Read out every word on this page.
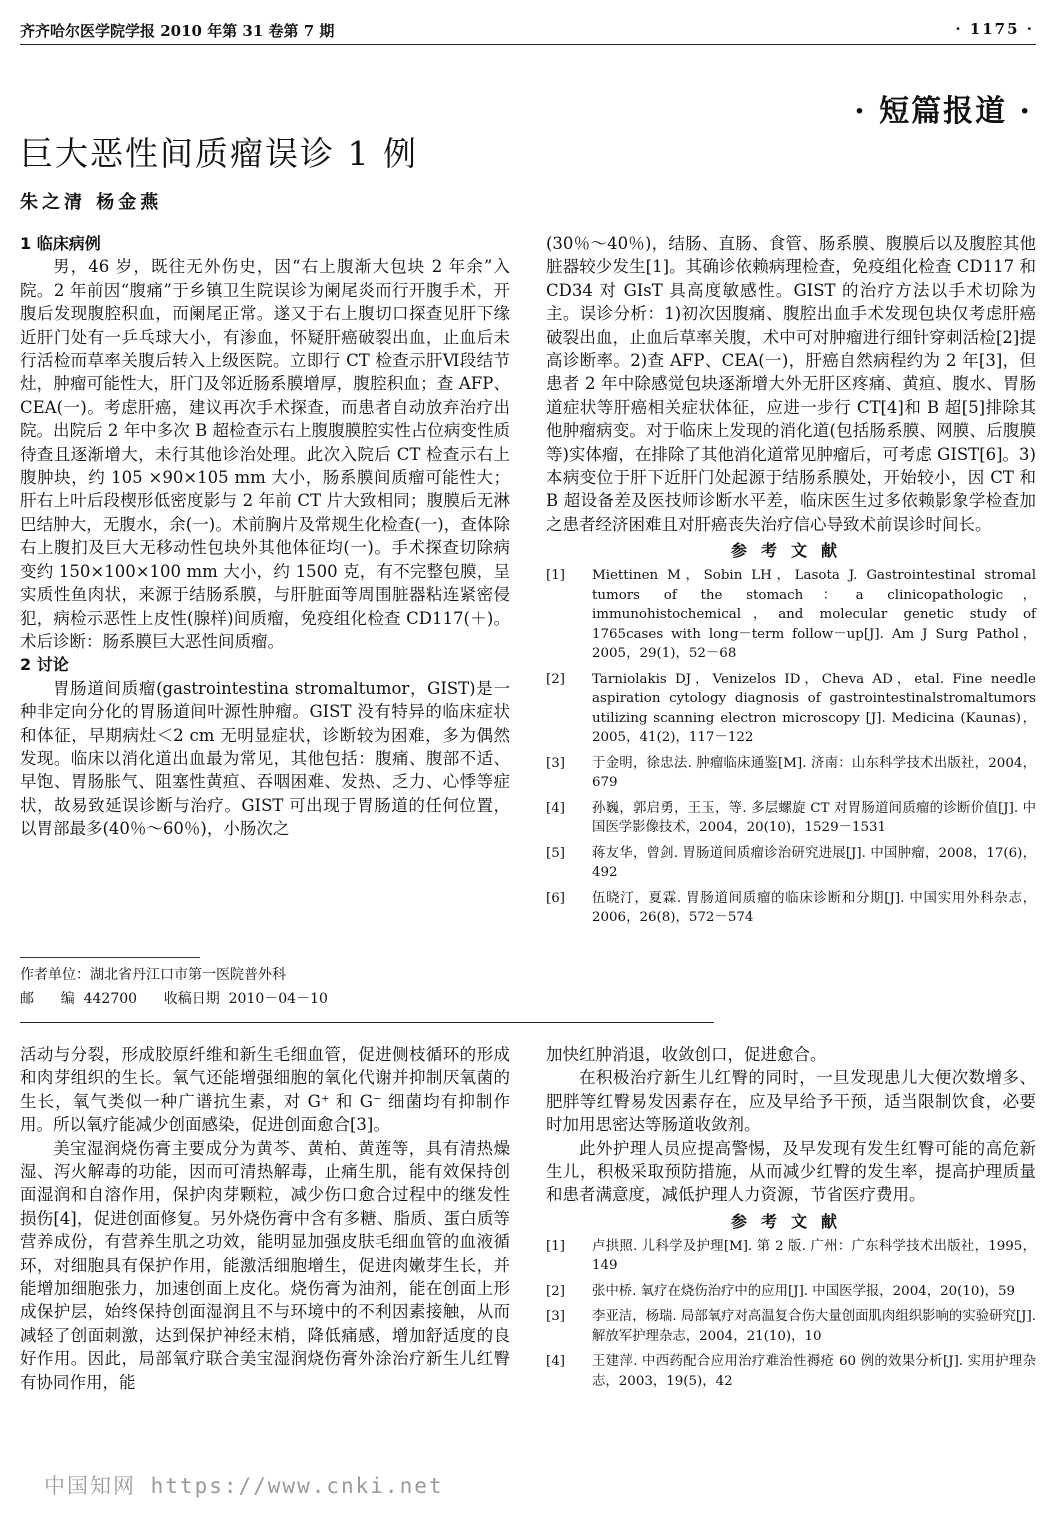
齐齐哈尔医学院学报 2010 年第 31 卷第 7 期	· 1175 ·
· 短篇报道 ·
巨大恶性间质瘤误诊 1 例
朱之清 杨金燕
1 临床病例

男，46 岁，既往无外伤史，因“右上腹渐大包块 2 年余”入院。2 年前因“腹痛”于乡镇卫生院误诊为阑尾炎而行开腹手术，开腹后发现腹腔积血，而阑尾正常。遂又于右上腹切口探查见肝下缘近肝门处有一乒乓球大小，有渗血，怀疑肝癌破裂出血，止血后未行活检而草率关腹后转入上级医院。立即行 CT 检查示肝Ⅵ段结节灶，肿瘤可能性大，肝门及邻近肠系膜增厚，腹腔积血；查 AFP、CEA(一)。考虑肝癌，建议再次手术探查，而患者自动放弃治疗出院。出院后 2 年中多次 B 超检查示右上腹腹膜腔实性占位病变性质待查且逐渐增大，未行其他诊治处理。此次入院后 CT 检查示右上腹肿块，约 105 ×90×105 mm 大小，肠系膜间质瘤可能性大；肝右上叶后段楔形低密度影与 2 年前 CT 片大致相同；腹膜后无淋巴结肿大，无腹水，余(一)。术前胸片及常规生化检查(一)，查体除右上腹扪及巨大无移动性包块外其他体征均(一)。手术探查切除病变约 150×100×100 mm 大小，约 1500 克，有不完整包膜，呈实质性鱼肉状，来源于结肠系膜，与肝脏面等周围脏器粘连紧密侵犯，病检示恶性上皮性(腺样)间质瘤，免疫组化检查 CD117(＋)。术后诊断：肠系膜巨大恶性间质瘤。

2 讨论

胃肠道间质瘤(gastrointestina stromaltumor，GIST)是一种非定向分化的胃肠道间叶源性肿瘤。GIST 没有特异的临床症状和体征，早期病灶＜2 cm 无明显症状，诊断较为困难，多为偶然发现。临床以消化道出血最为常见，其他包括：腹痛、腹部不适、早饱、胃肠胀气、阻塞性黄疸、吞咽困难、发热、乏力、心悸等症状，故易致延误诊断与治疗。GIST 可出现于胃肠道的任何位置，以胃部最多(40％～60％)，小肠次之

作者单位：湖北省丹江口市第一医院普外科
邮      编  442700      收稿日期  2010－04－10

(30％～40％)，结肠、直肠、食管、肠系膜、腹膜后以及腹腔其他脏器较少发生[1]。其确诊依赖病理检查，免疫组化检查 CD117 和 CD34 对 GIsT 具高度敏感性。GIST 的治疗方法以手术切除为主。误诊分析：1)初次因腹痛、腹腔出血手术发现包块仅考虑肝癌破裂出血，止血后草率关腹，术中可对肿瘤进行细针穿刺活检[2]提高诊断率。2)查 AFP、CEA(一)，肝癌自然病程约为 2 年[3]，但患者 2 年中除感觉包块逐渐增大外无肝区疼痛、黄疸、腹水、胃肠道症状等肝癌相关症状体征，应进一步行 CT[4]和 B 超[5]排除其他肿瘤病变。对于临床上发现的消化道(包括肠系膜、网膜、后腹膜等)实体瘤，在排除了其他消化道常见肿瘤后，可考虑 GIST[6]。3)本病变位于肝下近肝门处起源于结肠系膜处，开始较小，因 CT 和 B 超设备差及医技师诊断水平差，临床医生过多依赖影象学检查加之患者经济困难且对肝癌丧失治疗信心导致术前误诊时间长。

参考文献
[1]	Miettinen M，Sobin LH，Lasota J. Gastrointestinal stromal tumors of the stomach：a clinicopathologic，immunohistochemical，and molecular genetic study of 1765cases with long－term follow－up[J]. Am J Surg Pathol，2005，29(1)，52－68
[2]	Tarniolakis DJ，Venizelos ID，Cheva AD，etal. Fine needle aspiration cytology diagnosis of gastrointestinalstromaltumors utilizing scanning electron microscopy [J]. Medicina (Kaunas)，2005，41(2)，117－122
[3]	于金明，徐忠法. 肿瘤临床通鉴[M]. 济南：山东科学技术出版社，2004，679
[4]	孙巍，郭启勇，王玉，等. 多层螺旋 CT 对胃肠道间质瘤的诊断价值[J]. 中国医学影像技术，2004，20(10)，1529－1531
[5]	蒋友华，曾剑. 胃肠道间质瘤诊治研究进展[J]. 中国肿瘤，2008，17(6)，492
[6]	伍晓汀，夏霖. 胃肠道间质瘤的临床诊断和分期[J]. 中国实用外科杂志，2006，26(8)，572－574

活动与分裂，形成胶原纤维和新生毛细血管，促进侧枝循环的形成和肉芽组织的生长。氧气还能增强细胞的氧化代谢并抑制厌氧菌的生长，氧气类似一种广谱抗生素，对 G⁺ 和 G⁻ 细菌均有抑制作用。所以氧疗能减少创面感染，促进创面愈合[3]。

美宝湿润烧伤膏主要成分为黄芩、黄柏、黄莲等，具有清热燥湿、泻火解毒的功能，因而可清热解毒，止痛生肌，能有效保持创面湿润和自溶作用，保护肉芽颗粒，减少伤口愈合过程中的继发性损伤[4]，促进创面修复。另外烧伤膏中含有多糖、脂质、蛋白质等营养成份，有营养生肌之功效，能明显加强皮肤毛细血管的血液循环，对细胞具有保护作用，能激活细胞增生，促进肉嫩芽生长，并能增加细胞张力，加速创面上皮化。烧伤膏为油剂，能在创面上形成保护层，始终保持创面湿润且不与环境中的不利因素接触，从而减轻了创面刺激，达到保护神经末梢，降低痛感，增加舒适度的良好作用。因此，局部氧疗联合美宝湿润烧伤膏外涂治疗新生儿红臀有协同作用，能

加快红肿消退，收敛创口，促进愈合。

在积极治疗新生儿红臀的同时，一旦发现患儿大便次数增多、肥胖等红臀易发因素存在，应及早给予干预，适当限制饮食，必要时加用思密达等肠道收敛剂。

此外护理人员应提高警惕，及早发现有发生红臀可能的高危新生儿，积极采取预防措施，从而减少红臀的发生率，提高护理质量和患者满意度，减低护理人力资源，节省医疗费用。

参考文献
[1]	卢拱照. 儿科学及护理[M]. 第 2 版. 广州：广东科学技术出版社，1995，149
[2]	张中桥. 氧疗在烧伤治疗中的应用[J]. 中国医学报，2004，20(10)，59
[3]	李亚洁，杨瑞. 局部氧疗对高温复合伤大量创面肌肉组织影响的实验研究[J]. 解放军护理杂志，2004，21(10)，10
[4]	王建萍. 中西药配合应用治疗难治性褥疮 60 例的效果分析[J]. 实用护理杂志，2003，19(5)，42
中国知网 https://www.cnki.net
